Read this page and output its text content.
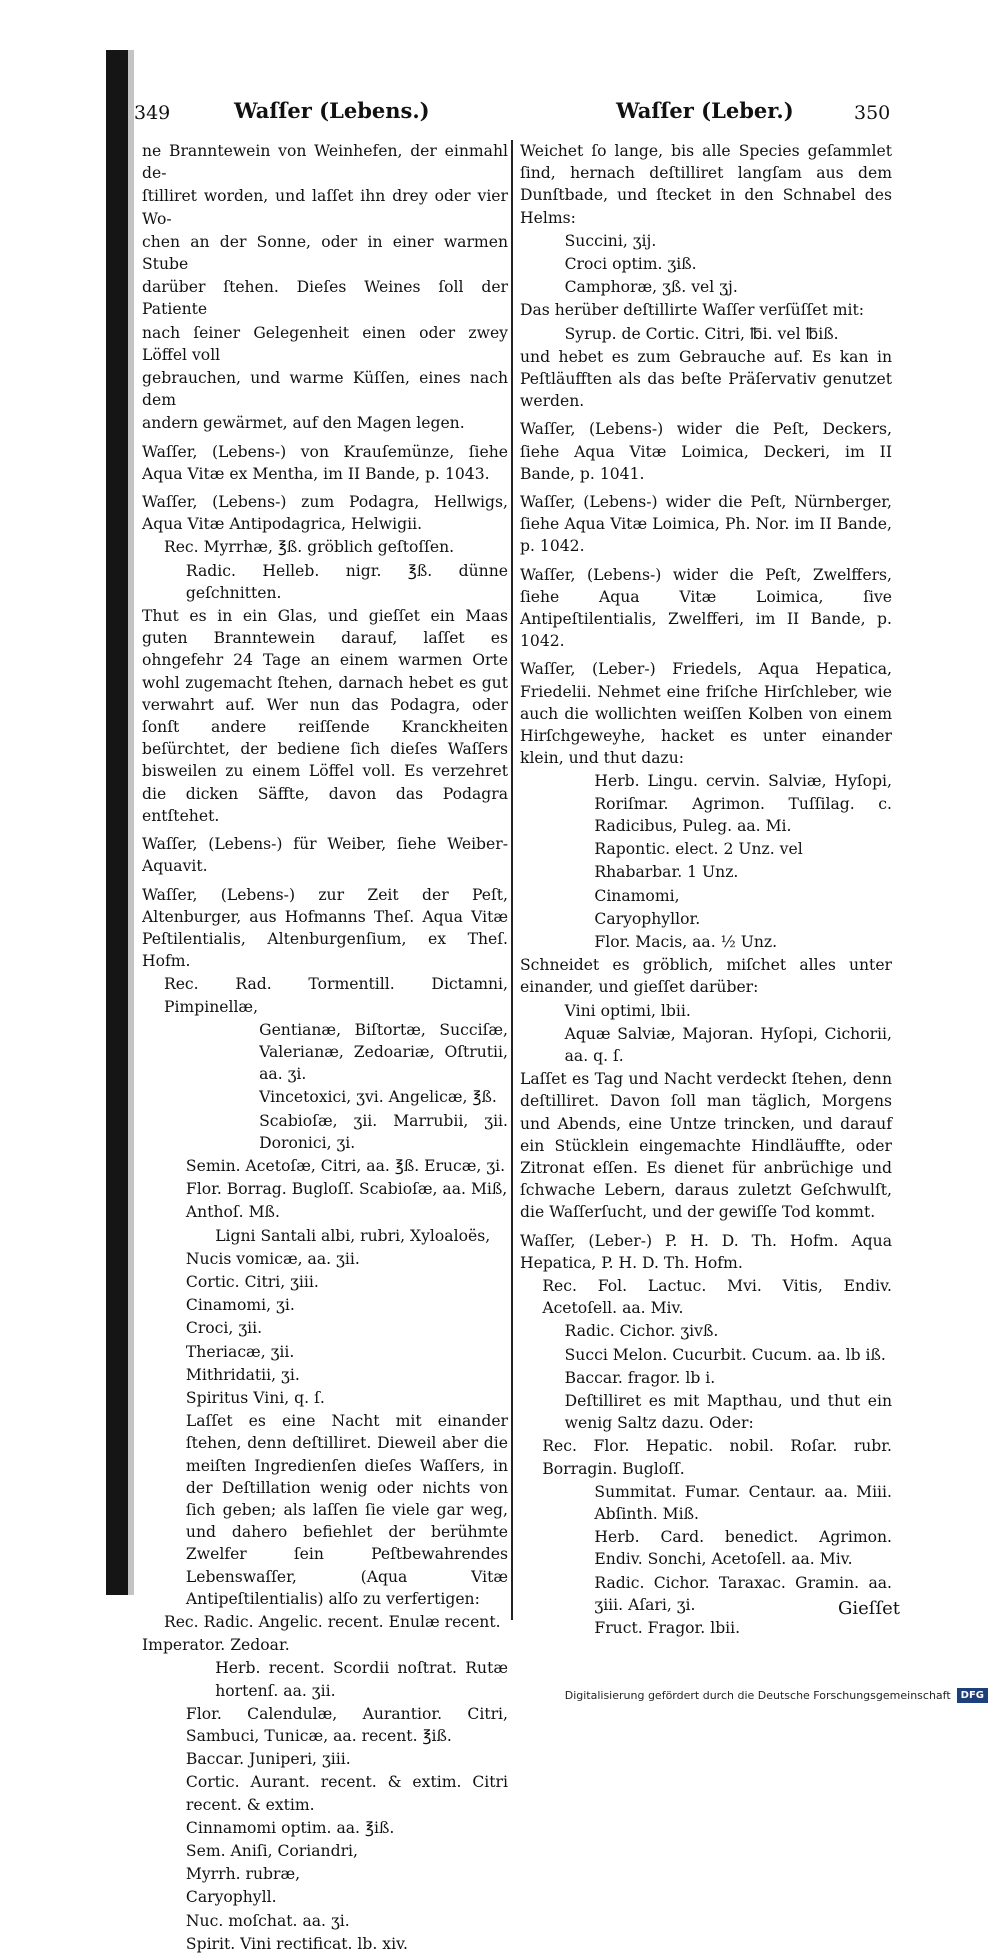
349	Waſſer (Lebens.)	Waſſer (Leber.)	350

ne Branntewein von Weinhefen, der einmahl de-

ſtilliret worden, und laſſet ihn drey oder vier Wo-

chen an der Sonne, oder in einer warmen Stube

darüber ſtehen. Dieſes Weines ſoll der Patiente

nach ſeiner Gelegenheit einen oder zwey Löffel voll

gebrauchen, und warme Küſſen, eines nach dem

andern gewärmet, auf den Magen legen.

Waſſer, (Lebens-) von Krauſemünze, ſiehe Aqua Vitæ ex Mentha, im II Bande, p. 1043.

Waſſer, (Lebens-) zum Podagra, Hellwigs, Aqua Vitæ Antipodagrica, Helwigii.

Rec. Myrrhæ, ℥ß. gröblich geſtoſſen.

Radic. Helleb. nigr. ℥ß. dünne geſchnitten.

Thut es in ein Glas, und gieſſet ein Maas guten Branntewein darauf, laſſet es ohngefehr 24 Tage an einem warmen Orte wohl zugemacht ſtehen, darnach hebet es gut verwahrt auf. Wer nun das Podagra, oder ſonſt andere reiſſende Kranckheiten beſürchtet, der bediene ſich dieſes Waſſers bisweilen zu einem Löffel voll. Es verzehret die dicken Säffte, davon das Podagra entſtehet.

Waſſer, (Lebens-) für Weiber, ſiehe Weiber-Aquavit.

Waſſer, (Lebens-) zur Zeit der Peſt, Altenburger, aus Hofmanns Theſ. Aqua Vitæ Peſtilentialis, Altenburgenſium, ex Theſ. Hofm.

Rec. Rad. Tormentill. Dictamni, Pimpinellæ,

Gentianæ, Biſtortæ, Succiſæ, Valerianæ, Zedoariæ, Oſtrutii, aa. ʒi.

Vincetoxici, ʒvi. Angelicæ, ℥ß.

Scabioſæ, ʒii. Marrubii, ʒii. Doronici, ʒi.

Semin. Acetoſæ, Citri, aa. ℥ß. Erucæ, ʒi.

Flor. Borrag. Bugloſſ. Scabioſæ, aa. Miß,

Anthoſ. Mß.

Ligni Santali albi, rubri, Xyloaloës,

Nucis vomicæ, aa. ʒii.

Cortic. Citri, ʒiii.

Cinamomi, ʒi.

Croci, ʒii.

Theriacæ, ʒii.

Mithridatii, ʒi.

Spiritus Vini, q. ſ.

Laſſet es eine Nacht mit einander ſtehen, denn deſtilliret. Dieweil aber die meiſten Ingredienſen dieſes Waſſers, in der Deſtillation wenig oder nichts von ſich geben; als laſſen ſie viele gar weg, und dahero befiehlet der berühmte Zwelfer ſein Peſtbewahrendes Lebenswaſſer, (Aqua Vitæ Antipeſtilentialis) alſo zu verfertigen:

Rec. Radic. Angelic. recent. Enulæ recent.

Imperator. Zedoar.

Herb. recent. Scordii noſtrat. Rutæ hortenſ. aa. ʒii.

Flor. Calendulæ, Aurantior. Citri, Sambuci, Tunicæ, aa. recent. ℥iß.

Baccar. Juniperi, ʒiii.

Cortic. Aurant. recent. & extim. Citri recent. & extim.

Cinnamomi optim. aa. ℥iß.

Sem. Aniſi, Coriandri,

Myrrh. rubræ,

Caryophyll.

Nuc. moſchat. aa. ʒi.

Spirit. Vini rectificat. lb. xiv.

Weichet ſo lange, bis alle Species geſammlet ſind, hernach deſtilliret langſam aus dem Dunſtbade, und ſtecket in den Schnabel des Helms:

Succini, ʒij.

Croci optim. ʒiß.

Camphoræ, ʒß. vel ʒj.

Das herüber deſtillirte Waſſer verſüſſet mit:

Syrup. de Cortic. Citri, ℔i. vel ℔iß.

und hebet es zum Gebrauche auf. Es kan in Peſtläufften als das beſte Präſervativ genutzet werden.

Waſſer, (Lebens-) wider die Peſt, Deckers, ſiehe Aqua Vitæ Loimica, Deckeri, im II Bande, p. 1041.

Waſſer, (Lebens-) wider die Peſt, Nürnberger, ſiehe Aqua Vitæ Loimica, Ph. Nor. im II Bande, p. 1042.

Waſſer, (Lebens-) wider die Peſt, Zwelffers, ſiehe Aqua Vitæ Loimica, ſive Antipeſtilentialis, Zwelfferi, im II Bande, p. 1042.

Waſſer, (Leber-) Friedels, Aqua Hepatica, Friedelii. Nehmet eine friſche Hirſchleber, wie auch die wollichten weiſſen Kolben von einem Hirſchgeweyhe, hacket es unter einander klein, und thut dazu:

Herb. Lingu. cervin. Salviæ, Hyſopi, Roriſmar. Agrimon. Tuſſilag. c. Radicibus, Puleg. aa. Mi.

Rapontic. elect. 2 Unz. vel

Rhabarbar. 1 Unz.

Cinamomi,

Caryophyllor.

Flor. Macis, aa. ½ Unz.

Schneidet es gröblich, miſchet alles unter einander, und gieſſet darüber:

Vini optimi, lbii.

Aquæ Salviæ, Majoran. Hyſopi, Cichorii, aa. q. ſ.

Laſſet es Tag und Nacht verdeckt ſtehen, denn deſtilliret. Davon ſoll man täglich, Morgens und Abends, eine Untze trincken, und darauf ein Stücklein eingemachte Hindläuffte, oder Zitronat eſſen. Es dienet für anbrüchige und ſchwache Lebern, daraus zuletzt Geſchwulſt, die Waſſerſucht, und der gewiſſe Tod kommt.

Waſſer, (Leber-) P. H. D. Th. Hofm. Aqua Hepatica, P. H. D. Th. Hofm.

Rec. Fol. Lactuc. Mvi. Vitis, Endiv. Acetoſell. aa. Miv.

Radic. Cichor. ʒivß.

Succi Melon. Cucurbit. Cucum. aa. lb iß.

Baccar. fragor. lb i.

Deſtilliret es mit Mapthau, und thut ein wenig Saltz dazu. Oder:

Rec. Flor. Hepatic. nobil. Roſar. rubr. Borragin. Bugloſſ.

Summitat. Fumar. Centaur. aa. Miii. Abſinth. Miß.

Herb. Card. benedict. Agrimon. Endiv. Sonchi, Acetoſell. aa. Miv.

Radic. Cichor. Taraxac. Gramin. aa. ʒiii. Aſari, ʒi.

Fruct. Fragor. lbii.

Gieſſet
Digitalisierung gefördert durch die Deutsche Forschungsgemeinschaft	DFG
